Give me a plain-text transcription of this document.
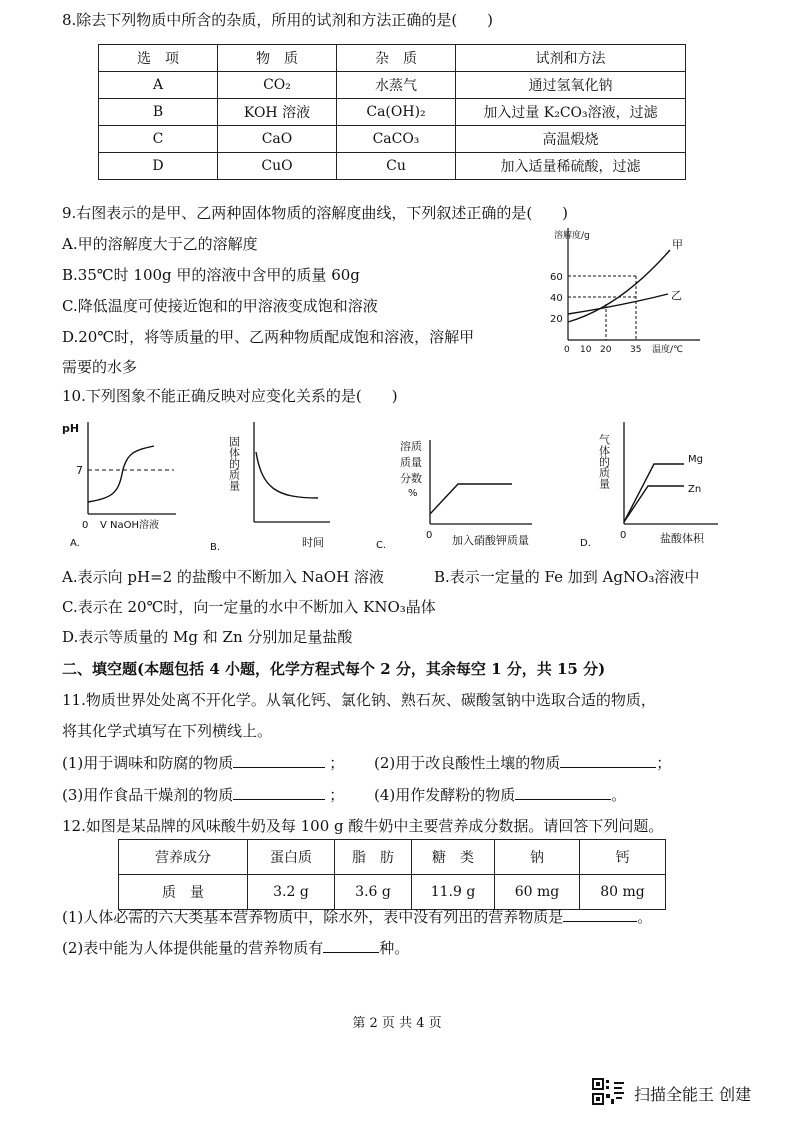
8.除去下列物质中所含的杂质，所用的试剂和方法正确的是(　　)
选　项	物　质	杂　质	试剂和方法
A	CO₂	水蒸气	通过氢氧化钠
B	KOH 溶液	Ca(OH)₂	加入过量 K₂CO₃溶液，过滤
C	CaO	CaCO₃	高温煅烧
D	CuO	Cu	加入适量稀硫酸，过滤
9.右图表示的是甲、乙两种固体物质的溶解度曲线，下列叙述正确的是(　　)
A.甲的溶解度大于乙的溶解度
B.35℃时 100g 甲的溶液中含甲的质量 60g
C.降低温度可使接近饱和的甲溶液变成饱和溶液
D.20℃时，将等质量的甲、乙两种物质配成饱和溶液，溶解甲
需要的水多
溶解度/g
60
40
20
0 10 20 35 温度/℃
甲
乙
10.下列图象不能正确反映对应变化关系的是(　　)
pH
7
0 V NaOH溶液
A.
固体的质量
时间
B.
溶质
质量
分数
%
0 加入硝酸钾质量
C.
气体的质量	Mg
Zn
0	盐酸体积
D.
A.表示向 pH=2 的盐酸中不断加入 NaOH 溶液	B.表示一定量的 Fe 加到 AgNO₃溶液中
C.表示在 20℃时，向一定量的水中不断加入 KNO₃晶体
D.表示等质量的 Mg 和 Zn 分别加足量盐酸
二、填空题(本题包括 4 小题，化学方程式每个 2 分，其余每空 1 分，共 15 分)
11.物质世界处处离不开化学。从氧化钙、氯化钠、熟石灰、碳酸氢钠中选取合适的物质，
将其化学式填写在下列横线上。
(1)用于调味和防腐的物质	； (2)用于改良酸性土壤的物质	；
(3)用作食品干燥剂的物质	； (4)用作发酵粉的物质	。
12.如图是某品牌的风味酸牛奶及每 100 g 酸牛奶中主要营养成分数据。请回答下列问题。
营养成分	蛋白质	脂　肪	糖　类	钠	钙
质　量	3.2 g	3.6 g	11.9 g	60 mg	80 mg
(1)人体必需的六大类基本营养物质中，除水外，表中没有列出的营养物质是	。
(2)表中能为人体提供能量的营养物质有	种。
第 2 页 共 4 页
扫描全能王 创建
